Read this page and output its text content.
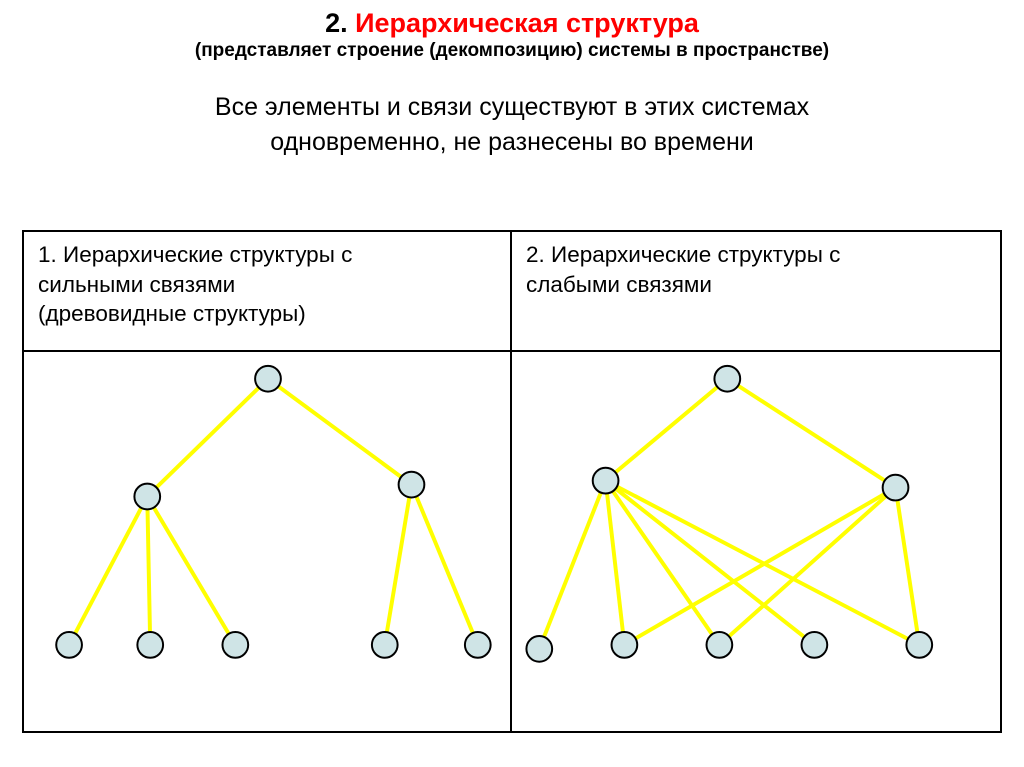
2. Иерархическая структура
(представляет строение (декомпозицию) системы в пространстве)
Все элементы и связи существуют в этих системах
одновременно, не разнесены во времени
1. Иерархические структуры с
сильными связями
(древовидные структуры)
2. Иерархические структуры с
слабыми связями
